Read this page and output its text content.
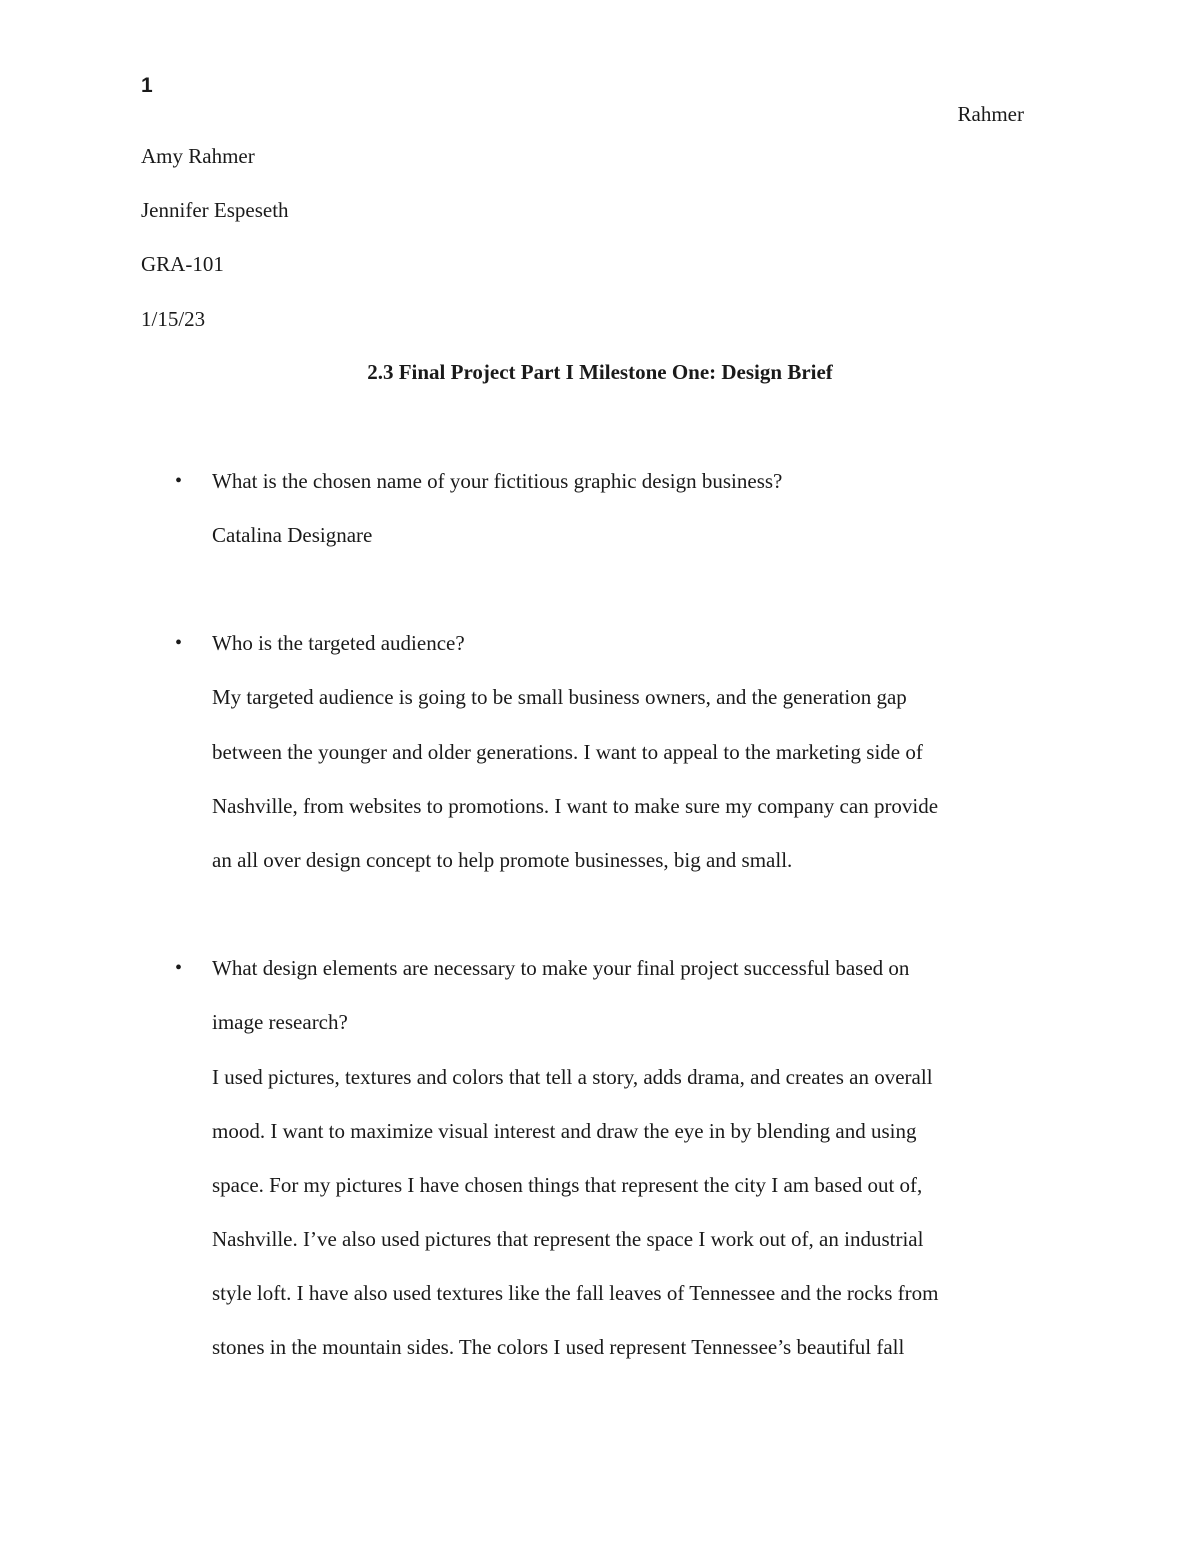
1
Rahmer
Amy Rahmer
Jennifer Espeseth
GRA-101
1/15/23
2.3 Final Project Part I Milestone One: Design Brief
• What is the chosen name of your fictitious graphic design business?
Catalina Designare
• Who is the targeted audience?
My targeted audience is going to be small business owners, and the generation gap
between the younger and older generations. I want to appeal to the marketing side of
Nashville, from websites to promotions. I want to make sure my company can provide
an all over design concept to help promote businesses, big and small.
• What design elements are necessary to make your final project successful based on
image research?
I used pictures, textures and colors that tell a story, adds drama, and creates an overall
mood. I want to maximize visual interest and draw the eye in by blending and using
space. For my pictures I have chosen things that represent the city I am based out of,
Nashville. I’ve also used pictures that represent the space I work out of, an industrial
style loft. I have also used textures like the fall leaves of Tennessee and the rocks from
stones in the mountain sides. The colors I used represent Tennessee’s beautiful fall
